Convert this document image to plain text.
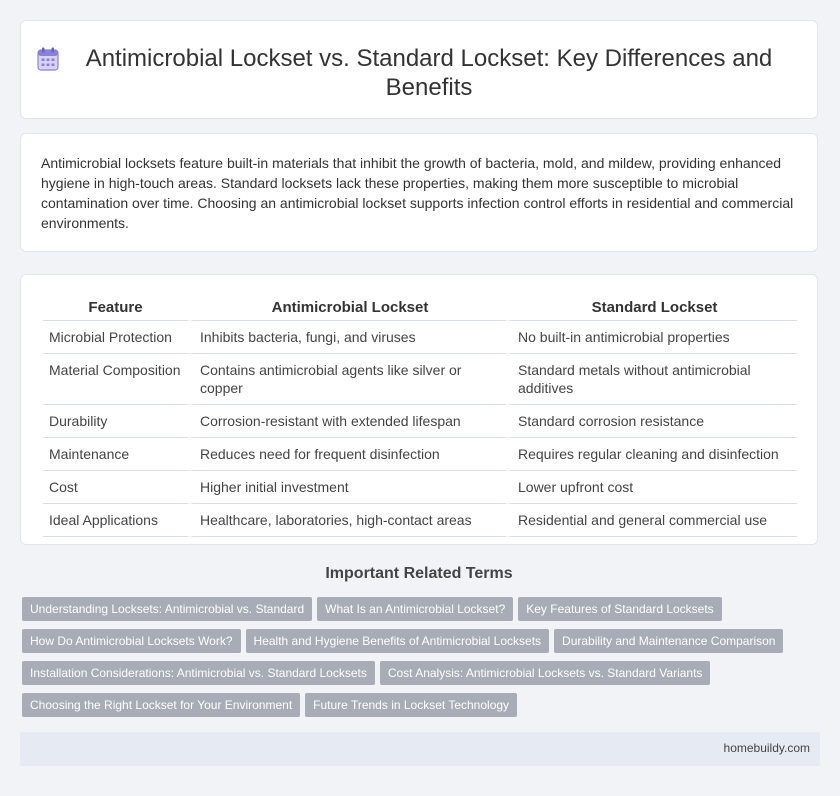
Antimicrobial Lockset vs. Standard Lockset: Key Differences and Benefits

Antimicrobial locksets feature built-in materials that inhibit the growth of bacteria, mold, and mildew, providing enhanced hygiene in high-touch areas. Standard locksets lack these properties, making them more susceptible to microbial contamination over time. Choosing an antimicrobial lockset supports infection control efforts in residential and commercial environments.

Feature	Antimicrobial Lockset	Standard Lockset
Microbial Protection	Inhibits bacteria, fungi, and viruses	No built-in antimicrobial properties
Material Composition	Contains antimicrobial agents like silver or copper	Standard metals without antimicrobial additives
Durability	Corrosion-resistant with extended lifespan	Standard corrosion resistance
Maintenance	Reduces need for frequent disinfection	Requires regular cleaning and disinfection
Cost	Higher initial investment	Lower upfront cost
Ideal Applications	Healthcare, laboratories, high-contact areas	Residential and general commercial use
Important Related Terms
Understanding Locksets: Antimicrobial vs. Standard What Is an Antimicrobial Lockset? Key Features of Standard LocksetsHow Do Antimicrobial Locksets Work? Health and Hygiene Benefits of Antimicrobial Locksets Durability and Maintenance ComparisonInstallation Considerations: Antimicrobial vs. Standard Locksets Cost Analysis: Antimicrobial Locksets vs. Standard VariantsChoosing the Right Lockset for Your Environment Future Trends in Lockset Technology
homebuildy.com
